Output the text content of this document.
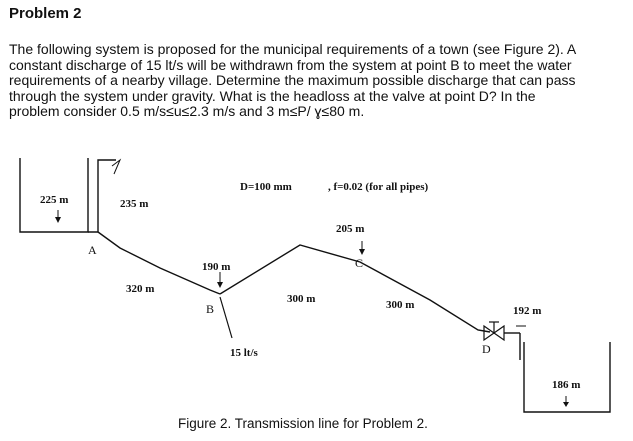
Problem 2
The following system is proposed for the municipal requirements of a town (see Figure 2). A
constant discharge of 15 lt/s will be withdrawn from the system at point B to meet the water
requirements of a nearby village. Determine the maximum possible discharge that can pass
through the system under gravity. What is the headloss at the valve at point D? In the
problem consider 0.5 m/s≤u≤2.3 m/s and 3 m≤P/ ɣ≤80 m.
D=100 mm	, f=0.02 (for all pipes)
225 m	235 m
A
320 m
190 m
B
15 lt/s
300 m
205 m
C
300 m
D
192 m
186 m
Figure 2. Transmission line for Problem 2.
